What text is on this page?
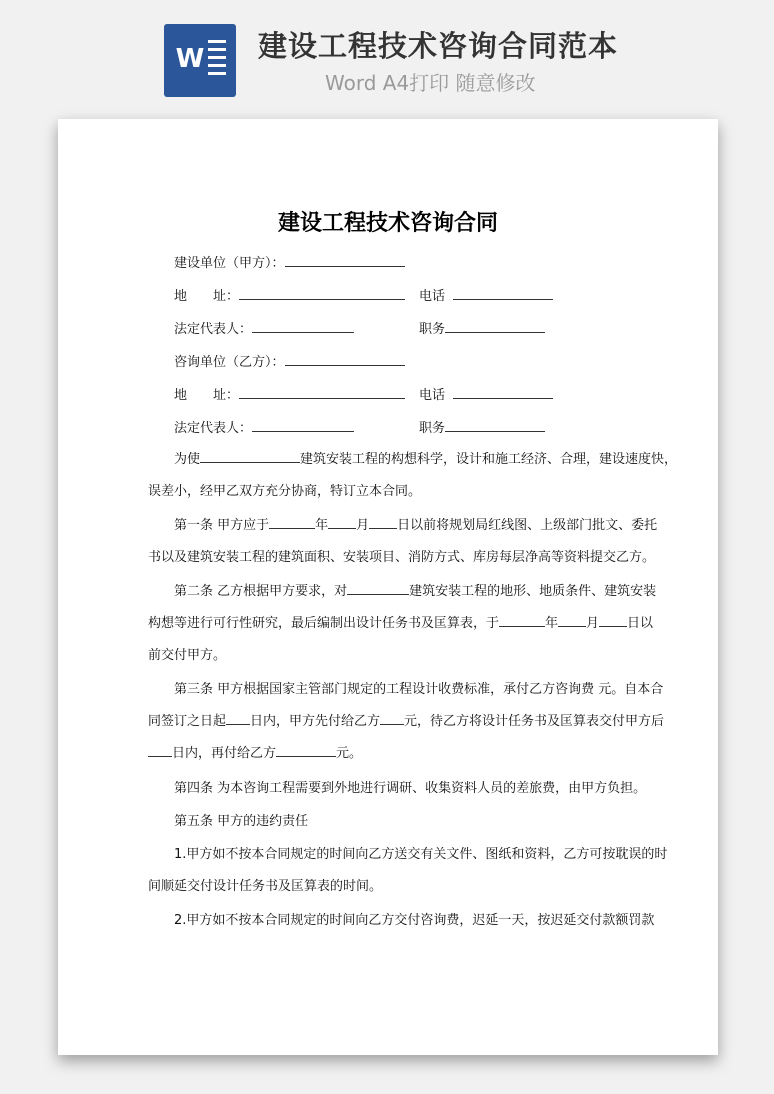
W 建设工程技术咨询合同范本
Word A4打印 随意修改
建设工程技术咨询合同
建设单位（甲方）：
地　　址：	电话
法定代表人：	职务
咨询单位（乙方）：
地　　址：	电话
法定代表人：	职务
为使	建筑安装工程的构想科学，设计和施工经济、合理，建设速度快，
误差小，经甲乙双方充分协商，特订立本合同。
第一条 甲方应于	年 月 日以前将规划局红线图、上级部门批文、委托
书以及建筑安装工程的建筑面积、安装项目、消防方式、库房每层净高等资料提交乙方。
第二条 乙方根据甲方要求，对	建筑安装工程的地形、地质条件、建筑安装
构想等进行可行性研究，最后编制出设计任务书及匡算表，于	年 月 日以
前交付甲方。
第三条 甲方根据国家主管部门规定的工程设计收费标准，承付乙方咨询费 元。自本合
同签订之日起 日内，甲方先付给乙方 元，待乙方将设计任务书及匡算表交付甲方后
日内，再付给乙方	元。
第四条 为本咨询工程需要到外地进行调研、收集资料人员的差旅费，由甲方负担。
第五条 甲方的违约责任
1.甲方如不按本合同规定的时间向乙方送交有关文件、图纸和资料，乙方可按耽误的时
间顺延交付设计任务书及匡算表的时间。
2.甲方如不按本合同规定的时间向乙方交付咨询费，迟延一天，按迟延交付款额罚款
